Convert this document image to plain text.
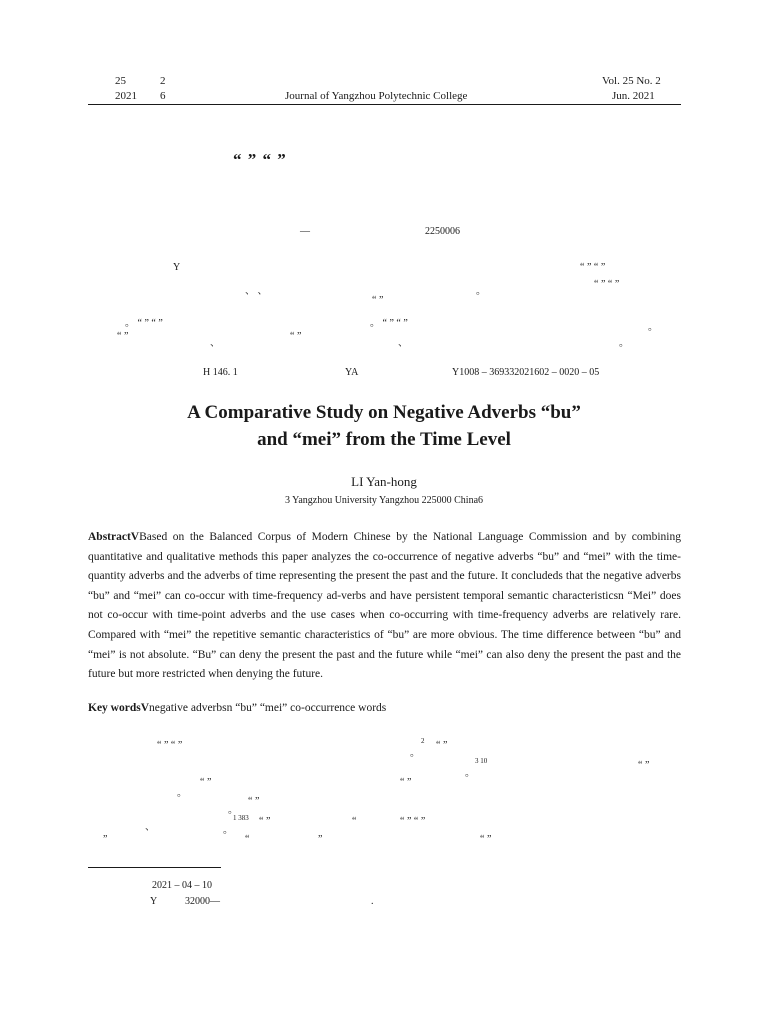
25	2	Vol. 25 No. 2
2021 6	Journal of Yangzhou Polytechnic College	Jun. 2021
“ ” “ ”
—	2250006
Y	“ ” “ ”
、 、	。
“ ” “ ”
“ ”
。 “ ” “ ”	。 “ ” “ ”	。
“ ”
、
“ ”
、	。
H 146. 1	YA	Y1008 – 369332021602 – 0020 – 05
A Comparative Study on Negative Adverbs “bu”
and “mei” from the Time Level
LI Yan-hong
3 Yangzhou University Yangzhou 225000 China6
AbstractVBased on the Balanced Corpus of Modern Chinese by the National Language Commission and by combining quantitative and qualitative methods this paper analyzes the co-occurrence of negative adverbs “bu” and “mei” with the time-quantity adverbs and the adverbs of time representing the present the past and the future. It concludeds that the negative adverbs “bu” and “mei” can co-occur with time-frequency ad-verbs and have persistent temporal semantic characteristicsn “Mei” does not co-occur with time-point adverbs and the use cases when co-occurring with time-frequency adverbs are relatively rare. Compared with “mei” the repetitive semantic characteristics of “bu” are more obvious. The time difference between “bu” and “mei” is not absolute. “Bu” can deny the present the past and the future while “mei” can also deny the present the past and the future but more restricted when denying the future.
Key wordsVnegative adverbsn “bu” “mei” co-occurrence words
“ ” “ ”
。
2 “ ”
3 10
。
“ ”
。
“ ”	“ ”
。
“ ”
、	。
1 383 “ ”	“	“ ” “ ”
”	“	”	“ ”
2021 – 04 – 10
Y	32000—	.
